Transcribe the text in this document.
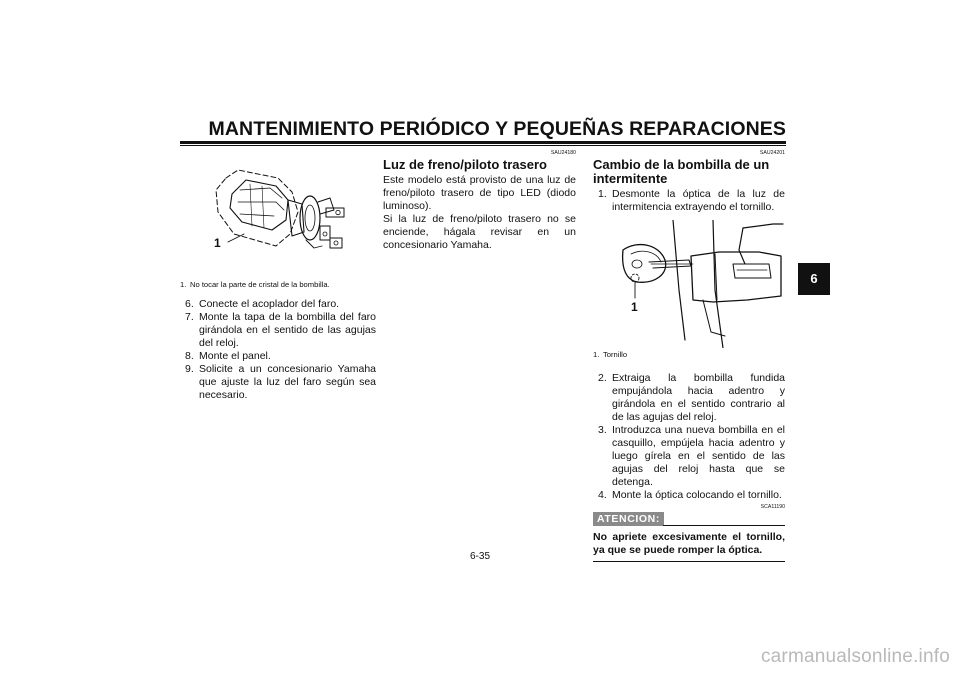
MANTENIMIENTO PERIÓDICO Y PEQUEÑAS REPARACIONES
6
1
1. No tocar la parte de cristal de la bombilla.
6. Conecte el acoplador del faro.
7. Monte la tapa de la bombilla del faro girándola en el sentido de las agujas del reloj.
8. Monte el panel.
9. Solicite a un concesionario Yamaha que ajuste la luz del faro según sea necesario.
SAU24180
Luz de freno/piloto trasero

Este modelo está provisto de una luz de freno/piloto trasero de tipo LED (diodo luminoso).

Si la luz de freno/piloto trasero no se enciende, hágala revisar en un concesionario Yamaha.

SAU24201
Cambio de la bombilla de un intermitente
1. Desmonte la óptica de la luz de intermitencia extrayendo el tornillo.
1
1. Tornillo
2. Extraiga la bombilla fundida empujándola hacia adentro y girándola en el sentido contrario al de las agujas del reloj.
3. Introduzca una nueva bombilla en el casquillo, empújela hacia adentro y luego gírela en el sentido de las agujas del reloj hasta que se detenga.
4. Monte la óptica colocando el tornillo.
SCA11190
ATENCION:
No apriete excesivamente el tornillo, ya que se puede romper la óptica.
6-35
carmanualsonline.info
